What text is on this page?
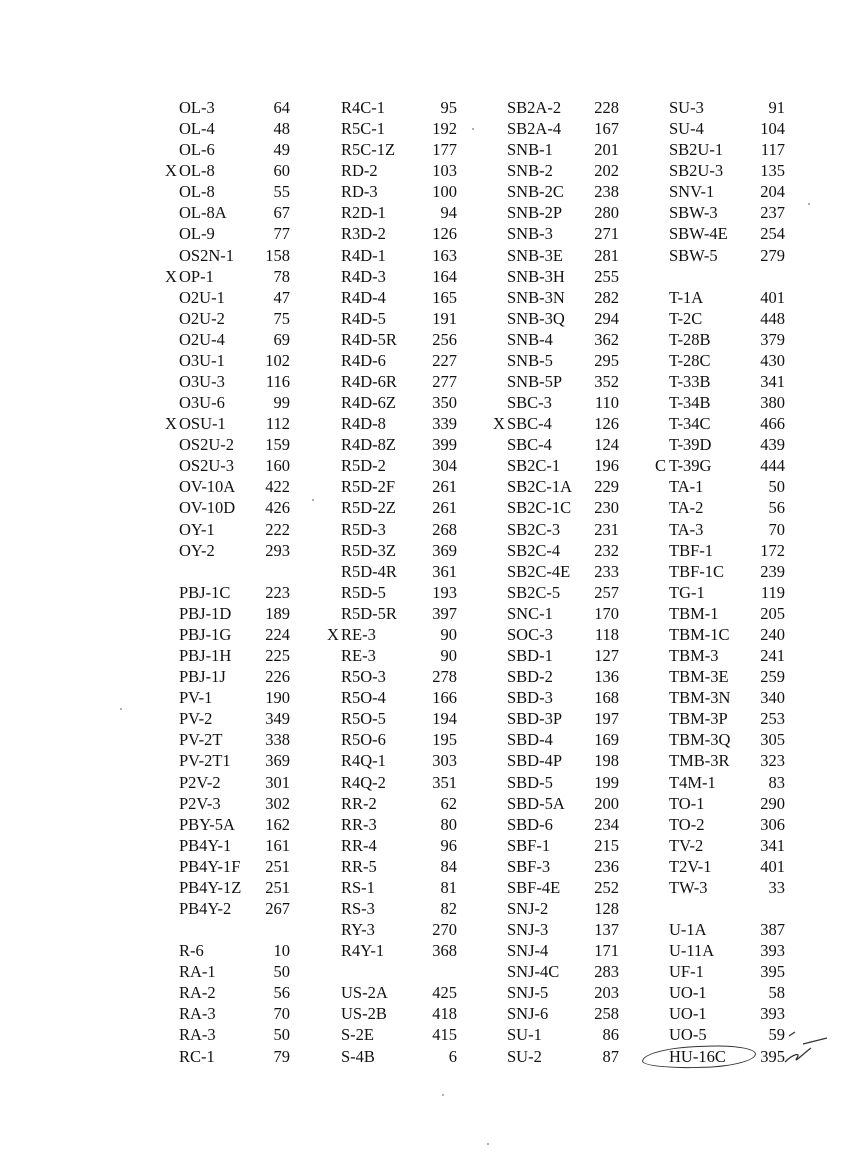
OL-3	64
OL-4	48
OL-6	49
X OL-8	60
OL-8	55
OL-8A	67
OL-9	77
OS2N-1 158
X OP-1	78
O2U-1	47
O2U-2	75
O2U-4	69
O3U-1 102
O3U-3 116
O3U-6	99
X OSU-1 112
OS2U-2 159
OS2U-3 160
OV-10A 422
OV-10D 426
OY-1	222
OY-2	293
PBJ-1C 223
PBJ-1D 189
PBJ-1G 224
PBJ-1H 225
PBJ-1J 226
PV-1	190
PV-2	349
PV-2T	338
PV-2T1 369
P2V-2	301
P2V-3	302
PBY-5A 162
PB4Y-1 161
PB4Y-1F 251
PB4Y-1Z 251
PB4Y-2 267
R-6	10
RA-1	50
RA-2	56
RA-3	70
RA-3	50
RC-1	79
R4C-1	95
R5C-1	192
R5C-1Z 177
RD-2	103
RD-3	100
R2D-1	94
R3D-2	126
R4D-1	163
R4D-3	164
R4D-4	165
R4D-5	191
R4D-5R 256
R4D-6	227
R4D-6R 277
R4D-6Z 350
R4D-8	339
R4D-8Z 399
R5D-2	304
R5D-2F 261
R5D-2Z 261
R5D-3	268
R5D-3Z 369
R5D-4R 361
R5D-5	193
R5D-5R 397
X RE-3	90
RE-3	90
R5O-3	278
R5O-4	166
R5O-5	194
R5O-6	195
R4Q-1	303
R4Q-2	351
RR-2	62
RR-3	80
RR-4	96
RR-5	84
RS-1	81
RS-3	82
RY-3	270
R4Y-1	368
US-2A	425
US-2B	418
S-2E	415
S-4B	6
SB2A-2 228
SB2A-4 167
SNB-1	201
SNB-2	202
SNB-2C 238
SNB-2P 280
SNB-3	271
SNB-3E 281
SNB-3H 255
SNB-3N 282
SNB-3Q 294
SNB-4	362
SNB-5	295
SNB-5P 352
SBC-3	110
X SBC-4	126
SBC-4	124
SB2C-1 196
SB2C-1A 229
SB2C-1C 230
SB2C-3 231
SB2C-4 232
SB2C-4E 233
SB2C-5 257
SNC-1	170
SOC-3	118
SBD-1	127
SBD-2	136
SBD-3	168
SBD-3P 197
SBD-4	169
SBD-4P 198
SBD-5	199
SBD-5A 200
SBD-6	234
SBF-1	215
SBF-3	236
SBF-4E 252
SNJ-2	128
SNJ-3	137
SNJ-4	171
SNJ-4C 283
SNJ-5	203
SNJ-6	258
SU-1	86
SU-2	87
SU-3	91
SU-4	104
SB2U-1 117
SB2U-3 135
SNV-1	204
SBW-3	237
SBW-4E 254
SBW-5	279
T-1A	401
T-2C	448
T-28B	379
T-28C	430
T-33B	341
T-34B	380
T-34C	466
T-39D	439
C T-39G	444
TA-1	50
TA-2	56
TA-3	70
TBF-1	172
TBF-1C 239
TG-1	119
TBM-1	205
TBM-1C 240
TBM-3	241
TBM-3E 259
TBM-3N 340
TBM-3P 253
TBM-3Q 305
TMB-3R 323
T4M-1	83
TO-1	290
TO-2	306
TV-2	341
T2V-1	401
TW-3	33
U-1A	387
U-11A	393
UF-1	395
UO-1	58
UO-1	393
UO-5	59
HU-16C 395
